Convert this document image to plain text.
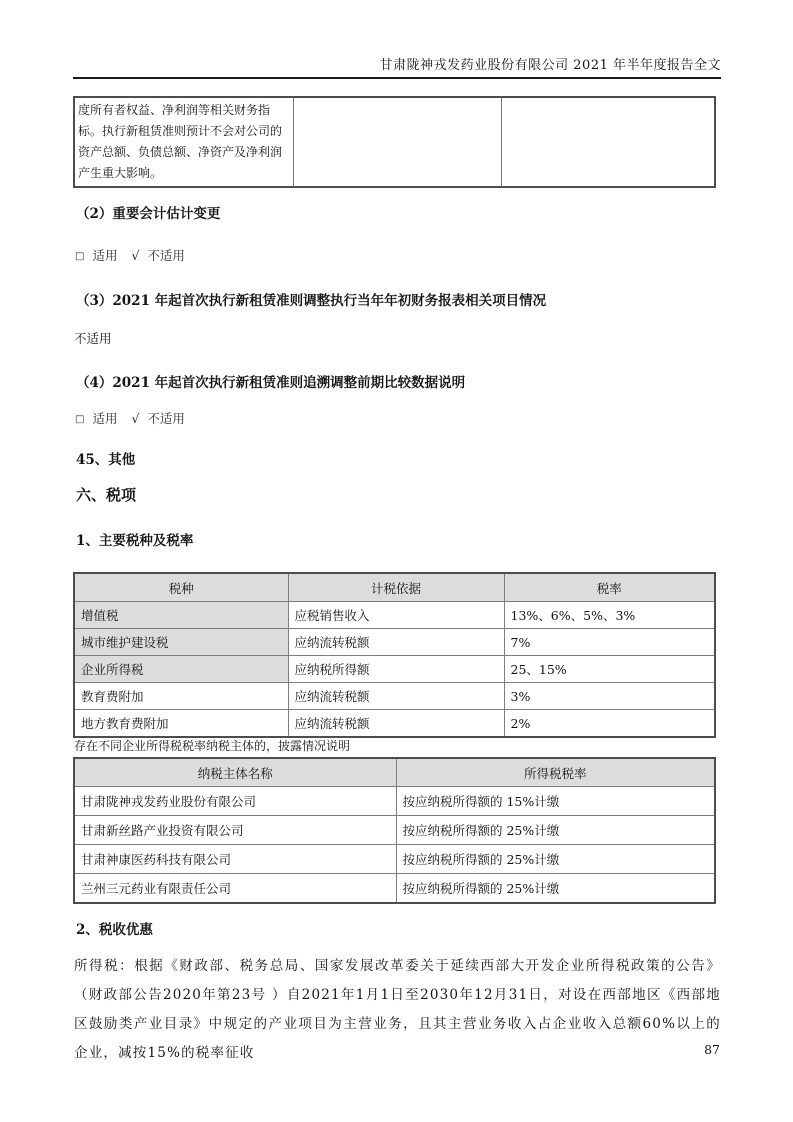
甘肃陇神戎发药业股份有限公司 2021 年半年度报告全文
度所有者权益、净利润等相关财务指标。执行新租赁准则预计不会对公司的资产总额、负债总额、净资产及净利润产生重大影响。		
（2）重要会计估计变更
□ 适用 √ 不适用
（3）2021 年起首次执行新租赁准则调整执行当年年初财务报表相关项目情况
不适用
（4）2021 年起首次执行新租赁准则追溯调整前期比较数据说明
□ 适用 √ 不适用
45、其他
六、税项
1、主要税种及税率
税种	计税依据	税率
增值税	应税销售收入	13%、6%、5%、3%
城市维护建设税	应纳流转税额	7%
企业所得税	应纳税所得额	25、15%
教育费附加	应纳流转税额	3%
地方教育费附加	应纳流转税额	2%
存在不同企业所得税税率纳税主体的，披露情况说明
纳税主体名称	所得税税率
甘肃陇神戎发药业股份有限公司	按应纳税所得额的 15%计缴
甘肃新丝路产业投资有限公司	按应纳税所得额的 25%计缴
甘肃神康医药科技有限公司	按应纳税所得额的 25%计缴
兰州三元药业有限责任公司	按应纳税所得额的 25%计缴
2、税收优惠
所得税：根据《财政部、税务总局、国家发展改革委关于延续西部大开发企业所得税政策的公告》（财政部公告2020年第23号 ）自2021年1月1日至2030年12月31日，对设在西部地区《西部地区鼓励类产业目录》中规定的产业项目为主营业务，且其主营业务收入占企业收入总额60%以上的企业，减按15%的税率征收	87
